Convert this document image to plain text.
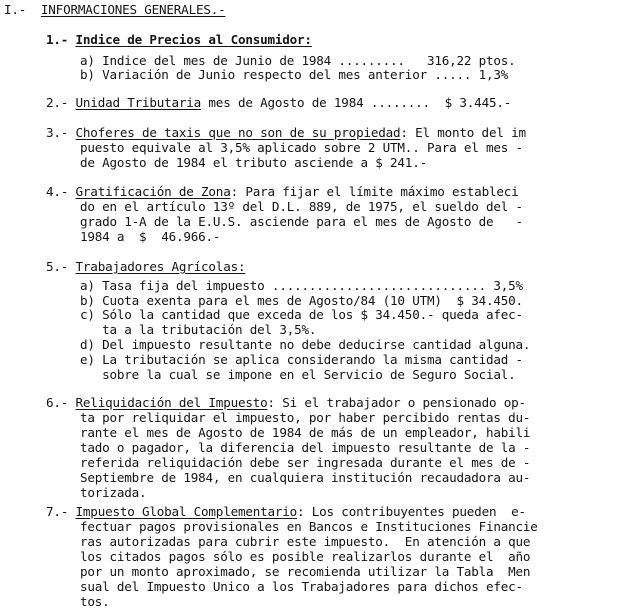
I.- INFORMACIONES GENERALES.-
1.- Indice de Precios al Consumidor:
a) Indice del mes de Junio de 1984 .........   316,22 ptos.
b) Variación de Junio respecto del mes anterior ..... 1,3%
2.- Unidad Tributaria mes de Agosto de 1984 ........  $ 3.445.-
3.- Choferes de taxis que no son de su propiedad: El monto del im
puesto equivale al 3,5% aplicado sobre 2 UTM.. Para el mes -
de Agosto de 1984 el tributo asciende a $ 241.-
4.- Gratificación de Zona: Para fijar el límite máximo estableci
do en el artículo 13º del D.L. 889, de 1975, el sueldo del -
grado 1-A de la E.U.S. asciende para el mes de Agosto de   -
1984 a  $  46.966.-
5.- Trabajadores Agrícolas:
a) Tasa fija del impuesto ............................. 3,5%
b) Cuota exenta para el mes de Agosto/84 (10 UTM)  $ 34.450.
c) Sólo la cantidad que exceda de los $ 34.450.- queda afec-
ta a la tributación del 3,5%.
d) Del impuesto resultante no debe deducirse cantidad alguna.
e) La tributación se aplica considerando la misma cantidad -
sobre la cual se impone en el Servicio de Seguro Social.
6.- Reliquidación del Impuesto: Si el trabajador o pensionado op-
ta por reliquidar el impuesto, por haber percibido rentas du-
rante el mes de Agosto de 1984 de más de un empleador, habili
tado o pagador, la diferencia del impuesto resultante de la -
referida reliquidación debe ser ingresada durante el mes de -
Septiembre de 1984, en cualquiera institución recaudadora au-
torizada.
7.- Impuesto Global Complementario: Los contribuyentes pueden  e-
fectuar pagos provisionales en Bancos e Instituciones Financie
ras autorizadas para cubrir este impuesto.  En atención a que
los citados pagos sólo es posible realizarlos durante el  año
por un monto aproximado, se recomienda utilizar la Tabla  Men
sual del Impuesto Unico a los Trabajadores para dichos efec-
tos.
